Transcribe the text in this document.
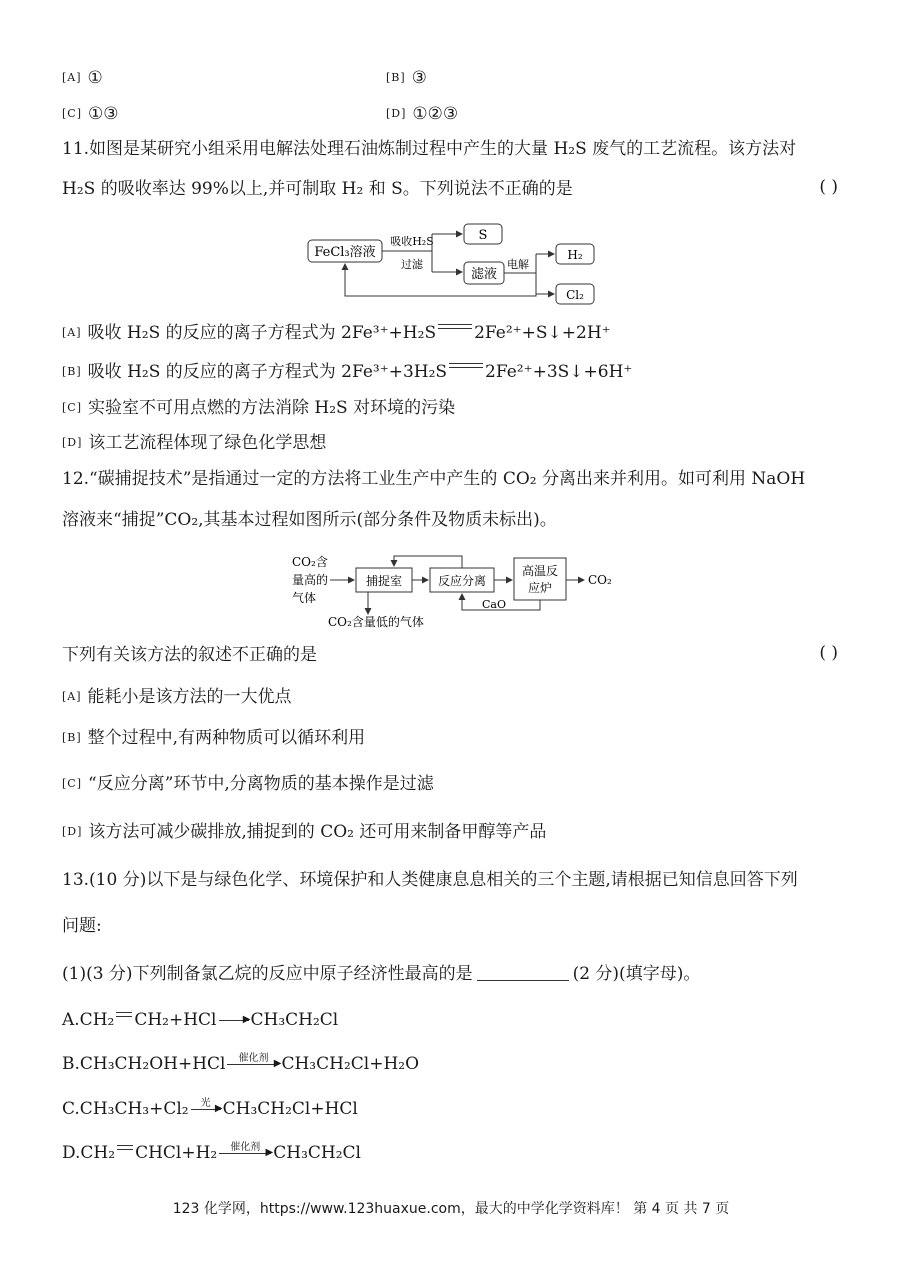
[A] ①	[B] ③
[C] ①③	[D] ①②③
11.如图是某研究小组采用电解法处理石油炼制过程中产生的大量 H₂S 废气的工艺流程。该方法对
H₂S 的吸收率达 99%以上,并可制取 H₂ 和 S。下列说法不正确的是	( )
FeCl₃溶液
吸收H₂S
过滤
S
滤液
电解
H₂
Cl₂
[A] 吸收 H₂S 的反应的离子方程式为 2Fe³⁺+H₂S 2Fe²⁺+S↓+2H⁺
[B] 吸收 H₂S 的反应的离子方程式为 2Fe³⁺+3H₂S 2Fe²⁺+3S↓+6H⁺
[C] 实验室不可用点燃的方法消除 H₂S 对环境的污染
[D] 该工艺流程体现了绿色化学思想
12.“碳捕捉技术”是指通过一定的方法将工业生产中产生的 CO₂ 分离出来并利用。如可利用 NaOH
溶液来“捕捉”CO₂,其基本过程如图所示(部分条件及物质未标出)。
CO₂含
量高的
气体
捕捉室	反应分离
高温反
应炉
CO₂
CaO
CO₂含量低的气体
下列有关该方法的叙述不正确的是	( )
[A] 能耗小是该方法的一大优点
[B] 整个过程中,有两种物质可以循环利用
[C] “反应分离”环节中,分离物质的基本操作是过滤
[D] 该方法可减少碳排放,捕捉到的 CO₂ 还可用来制备甲醇等产品
13.(10 分)以下是与绿色化学、环境保护和人类健康息息相关的三个主题,请根据已知信息回答下列
问题:
(1)(3 分)下列制备氯乙烷的反应中原子经济性最高的是	(2 分)(填字母)。
A.CH₂ CH₂+HCl	▶ CH₃CH₂Cl
B.CH₃CH₂OH+HCl	催化剂 ▶ CH₃CH₂Cl+H₂O
C.CH₃CH₃+Cl₂	光 ▶ CH₃CH₂Cl+HCl
D.CH₂ CHCl+H₂	催化剂 ▶ CH₃CH₂Cl
123 化学网，https://www.123huaxue.com，最大的中学化学资料库！ 第 4 页 共 7 页
